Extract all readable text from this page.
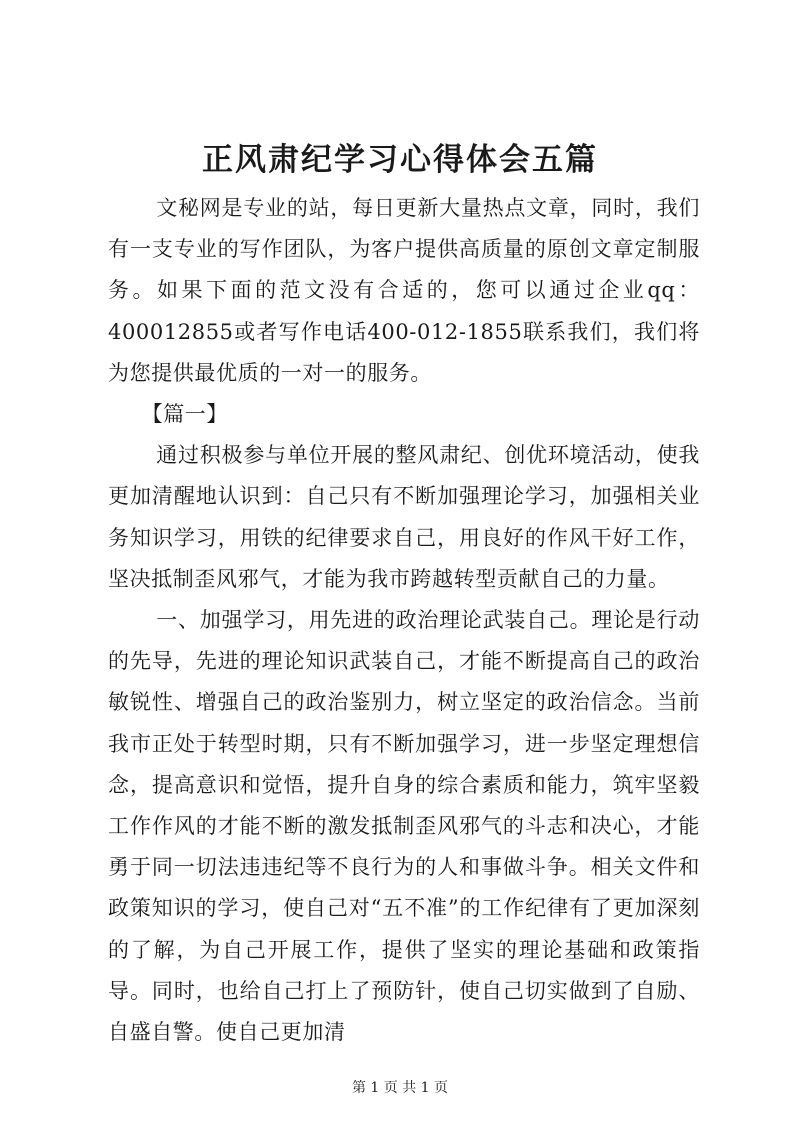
正风肃纪学习心得体会五篇

文秘网是专业的站，每日更新大量热点文章，同时，我们有一支专业的写作团队，为客户提供高质量的原创文章定制服务。如果下面的范文没有合适的，您可以通过企业qq：400012855或者写作电话400-012-1855联系我们，我们将为您提供最优质的一对一的服务。

【篇一】

通过积极参与单位开展的整风肃纪、创优环境活动，使我更加清醒地认识到：自己只有不断加强理论学习，加强相关业务知识学习，用铁的纪律要求自己，用良好的作风干好工作，坚决抵制歪风邪气，才能为我市跨越转型贡献自己的力量。

一、加强学习，用先进的政治理论武装自己。理论是行动的先导，先进的理论知识武装自己，才能不断提高自己的政治敏锐性、增强自己的政治鉴别力，树立坚定的政治信念。当前我市正处于转型时期，只有不断加强学习，进一步坚定理想信念，提高意识和觉悟，提升自身的综合素质和能力，筑牢坚毅工作作风的才能不断的激发抵制歪风邪气的斗志和决心，才能勇于同一切法违违纪等不良行为的人和事做斗争。相关文件和政策知识的学习，使自己对“五不准”的工作纪律有了更加深刻的了解，为自己开展工作，提供了坚实的理论基础和政策指导。同时，也给自己打上了预防针，使自己切实做到了自励、自盛自警。使自己更加清

第 1 页 共 1 页
